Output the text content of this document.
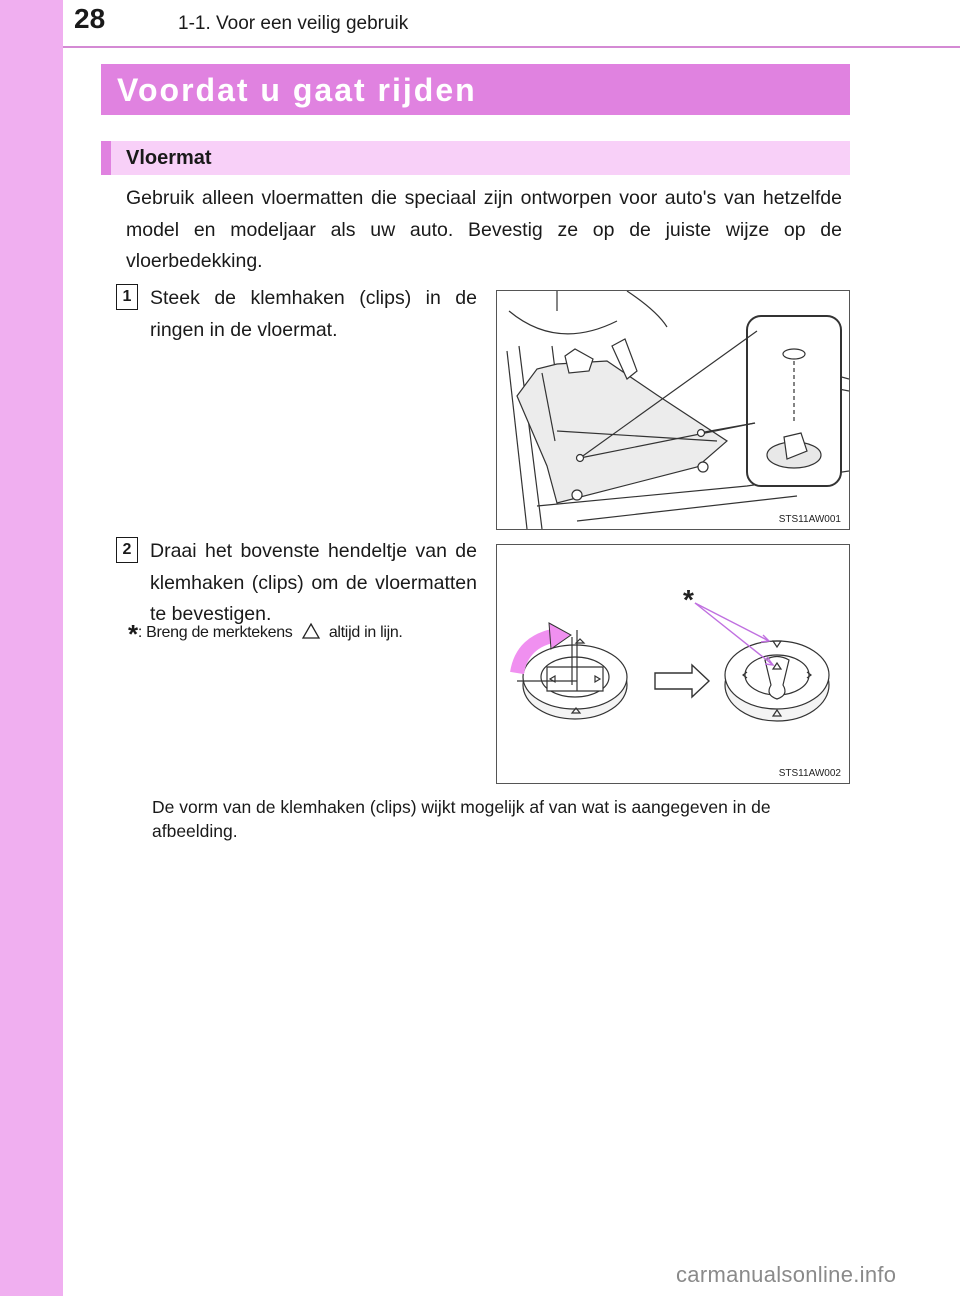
28	1-1. Voor een veilig gebruik
Voordat u gaat rijden
Vloermat
Gebruik alleen vloermatten die speciaal zijn ontworpen voor auto's van hetzelfde model en modeljaar als uw auto. Bevestig ze op de juiste wijze op de vloerbedekking.
1 Steek de klemhaken (clips) in de ringen in de vloermat.
STS11AW001
2 Draai het bovenste hendeltje van de klemhaken (clips) om de vloermatten te bevestigen.
*: Breng de merktekens altijd in lijn.
*
STS11AW002
De vorm van de klemhaken (clips) wijkt mogelijk af van wat is aangegeven in de afbeelding.
carmanualsonline.info
